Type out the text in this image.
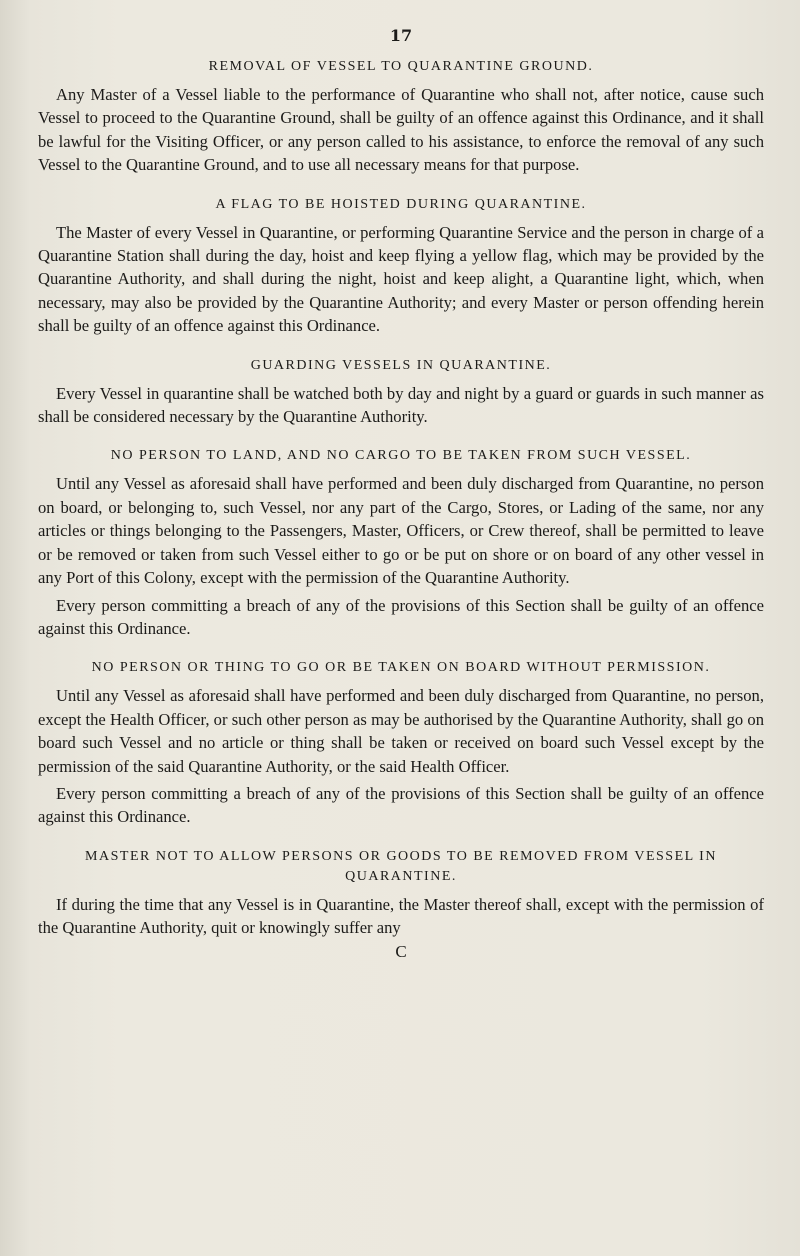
17
REMOVAL OF VESSEL TO QUARANTINE GROUND.

Any Master of a Vessel liable to the performance of Quarantine who shall not, after notice, cause such Vessel to proceed to the Quarantine Ground, shall be guilty of an offence against this Ordinance, and it shall be lawful for the Visiting Officer, or any person called to his assistance, to enforce the removal of any such Vessel to the Quarantine Ground, and to use all necessary means for that purpose.

A FLAG TO BE HOISTED DURING QUARANTINE.

The Master of every Vessel in Quarantine, or performing Quarantine Service and the person in charge of a Quarantine Station shall during the day, hoist and keep flying a yellow flag, which may be provided by the Quarantine Authority, and shall during the night, hoist and keep alight, a Quarantine light, which, when necessary, may also be provided by the Quarantine Authority; and every Master or person offending herein shall be guilty of an offence against this Ordinance.

GUARDING VESSELS IN QUARANTINE.

Every Vessel in quarantine shall be watched both by day and night by a guard or guards in such manner as shall be considered necessary by the Quarantine Authority.

NO PERSON TO LAND, AND NO CARGO TO BE TAKEN FROM SUCH VESSEL.

Until any Vessel as aforesaid shall have performed and been duly discharged from Quarantine, no person on board, or belonging to, such Vessel, nor any part of the Cargo, Stores, or Lading of the same, nor any articles or things belonging to the Passengers, Master, Officers, or Crew thereof, shall be permitted to leave or be removed or taken from such Vessel either to go or be put on shore or on board of any other vessel in any Port of this Colony, except with the permission of the Quarantine Authority.

Every person committing a breach of any of the provisions of this Section shall be guilty of an offence against this Ordinance.

NO PERSON OR THING TO GO OR BE TAKEN ON BOARD WITHOUT PERMISSION.

Until any Vessel as aforesaid shall have performed and been duly discharged from Quarantine, no person, except the Health Officer, or such other person as may be authorised by the Quarantine Authority, shall go on board such Vessel and no article or thing shall be taken or received on board such Vessel except by the permission of the said Quarantine Authority, or the said Health Officer.

Every person committing a breach of any of the provisions of this Section shall be guilty of an offence against this Ordinance.

MASTER NOT TO ALLOW PERSONS OR GOODS TO BE REMOVED FROM VESSEL IN QUARANTINE.

If during the time that any Vessel is in Quarantine, the Master thereof shall, except with the permission of the Quarantine Authority, quit or knowingly suffer any

C
